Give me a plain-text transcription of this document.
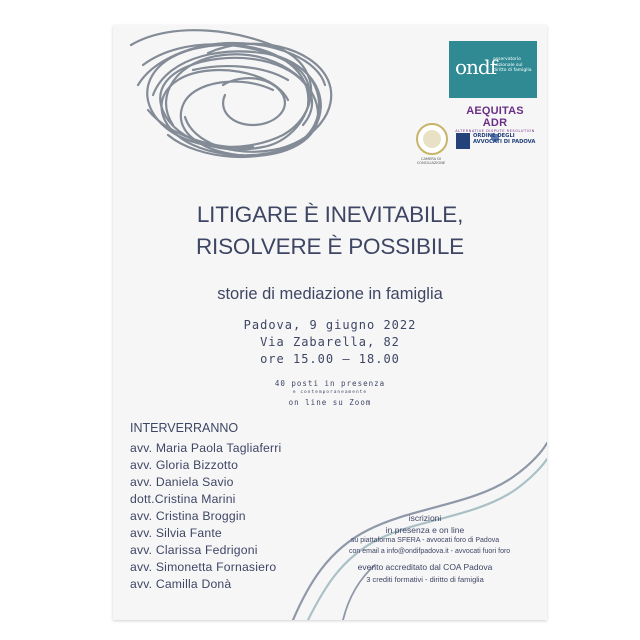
ondf
osservatorio nazionale sul diritto di famiglia
AEQUITAS ADR
ALTERNATIVE DISPUTE RESOLUTION
CAMERA DI CONCILIAZIONE
ORDINE DEGLI AVVOCATI DI PADOVA
LITIGARE È INEVITABILE,
RISOLVERE È POSSIBILE
storie di mediazione in famiglia
Padova, 9 giugno 2022
Via Zabarella, 82
ore 15.00 – 18.00
40 posti in presenza
e contemporaneamente
on line su Zoom
INTERVERRANNO
avv. Maria Paola Tagliaferri
avv. Gloria Bizzotto
avv. Daniela Savio
dott.Cristina Marini
avv. Cristina Broggin
avv. Silvia Fante
avv. Clarissa Fedrigoni
avv. Simonetta Fornasiero
avv. Camilla Donà
iscrizioni
in presenza e on line
su piattaforma SFERA - avvocati foro di Padova
con email a info@ondifpadova.it - avvocati fuori foro
evento accreditato dal COA Padova
3 crediti formativi - diritto di famiglia
